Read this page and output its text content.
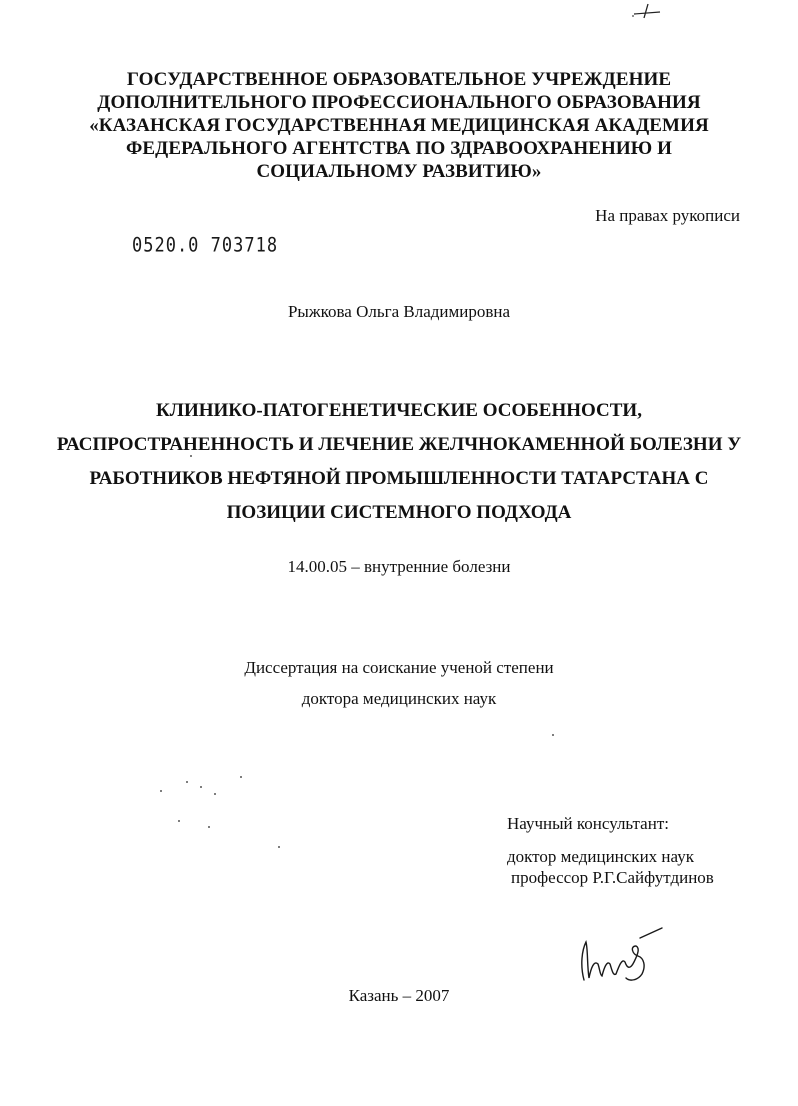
ГОСУДАРСТВЕННОЕ ОБРАЗОВАТЕЛЬНОЕ УЧРЕЖДЕНИЕ
ДОПОЛНИТЕЛЬНОГО ПРОФЕССИОНАЛЬНОГО ОБРАЗОВАНИЯ
«КАЗАНСКАЯ ГОСУДАРСТВЕННАЯ МЕДИЦИНСКАЯ АКАДЕМИЯ
ФЕДЕРАЛЬНОГО АГЕНТСТВА ПО ЗДРАВООХРАНЕНИЮ И
СОЦИАЛЬНОМУ РАЗВИТИЮ»
На правах рукописи
0520.0 703718
Рыжкова Ольга Владимировна
КЛИНИКО-ПАТОГЕНЕТИЧЕСКИЕ ОСОБЕННОСТИ,
РАСПРОСТРАНЕННОСТЬ И ЛЕЧЕНИЕ ЖЕЛЧНОКАМЕННОЙ БОЛЕЗНИ У
РАБОТНИКОВ НЕФТЯНОЙ ПРОМЫШЛЕННОСТИ ТАТАРСТАНА С
ПОЗИЦИИ СИСТЕМНОГО ПОДХОДА
14.00.05 – внутренние болезни
Диссертация на соискание ученой степени
доктора медицинских наук
Научный консультант:
доктор медицинских наук
профессор Р.Г.Сайфутдинов
Казань – 2007
